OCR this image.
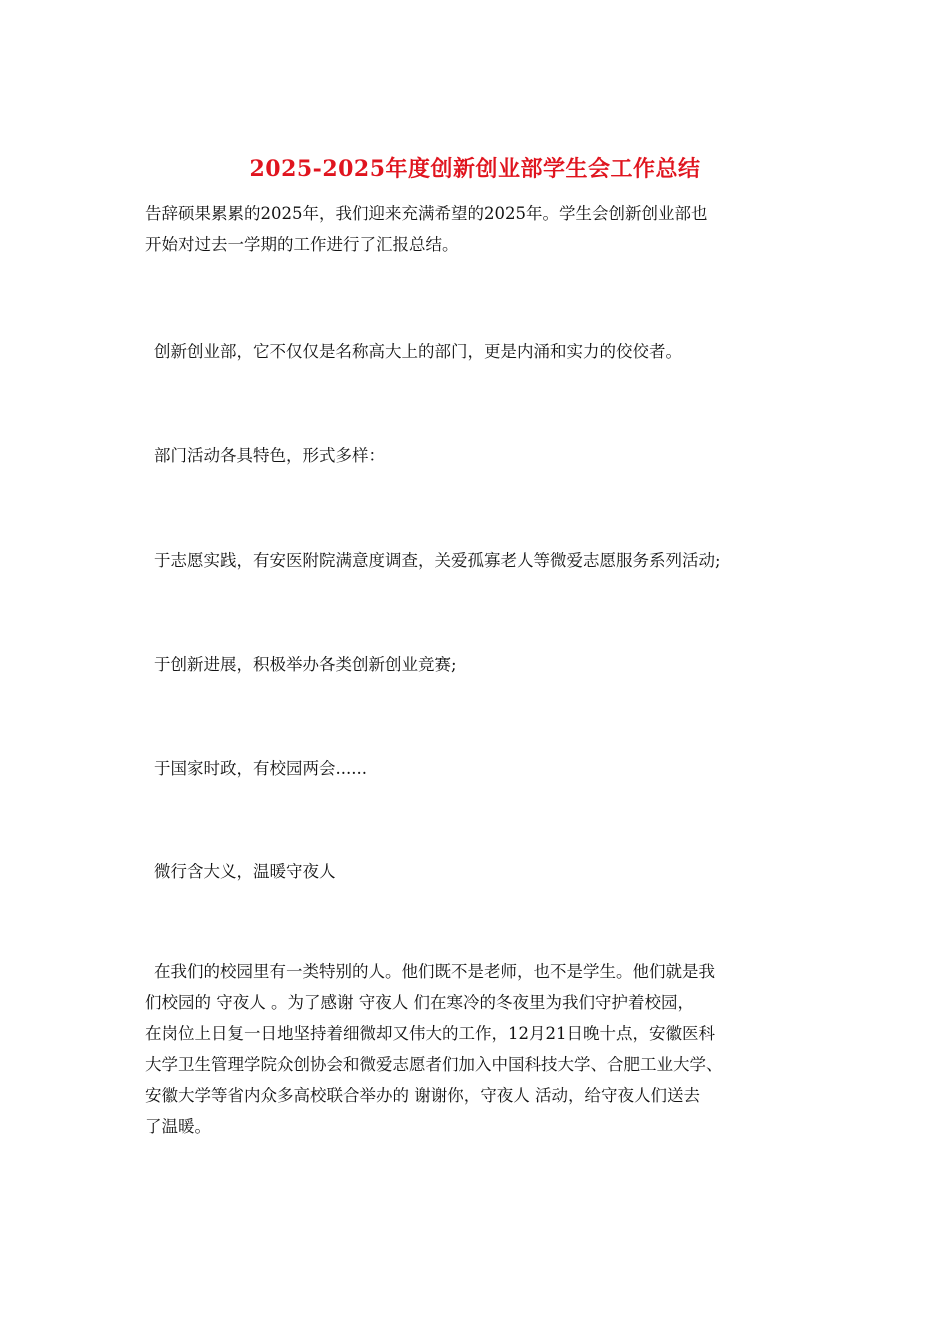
2025-2025年度创新创业部学生会工作总结

告辞硕果累累的2025年，我们迎来充满希望的2025年。学生会创新创业部也
开始对过去一学期的工作进行了汇报总结。

创新创业部，它不仅仅是名称高大上的部门，更是内涌和实力的佼佼者。

部门活动各具特色，形式多样：

于志愿实践，有安医附院满意度调查，关爱孤寡老人等微爱志愿服务系列活动;

于创新进展，积极举办各类创新创业竞赛;

于国家时政，有校园两会......

微行含大义，温暖守夜人

在我们的校园里有一类特别的人。他们既不是老师，也不是学生。他们就是我
们校园的 守夜人 。为了感谢 守夜人 们在寒冷的冬夜里为我们守护着校园，
在岗位上日复一日地坚持着细微却又伟大的工作，12月21日晚十点，安徽医科
大学卫生管理学院众创协会和微爱志愿者们加入中国科技大学、合肥工业大学、
安徽大学等省内众多高校联合举办的 谢谢你，守夜人 活动，给守夜人们送去
了温暖。
